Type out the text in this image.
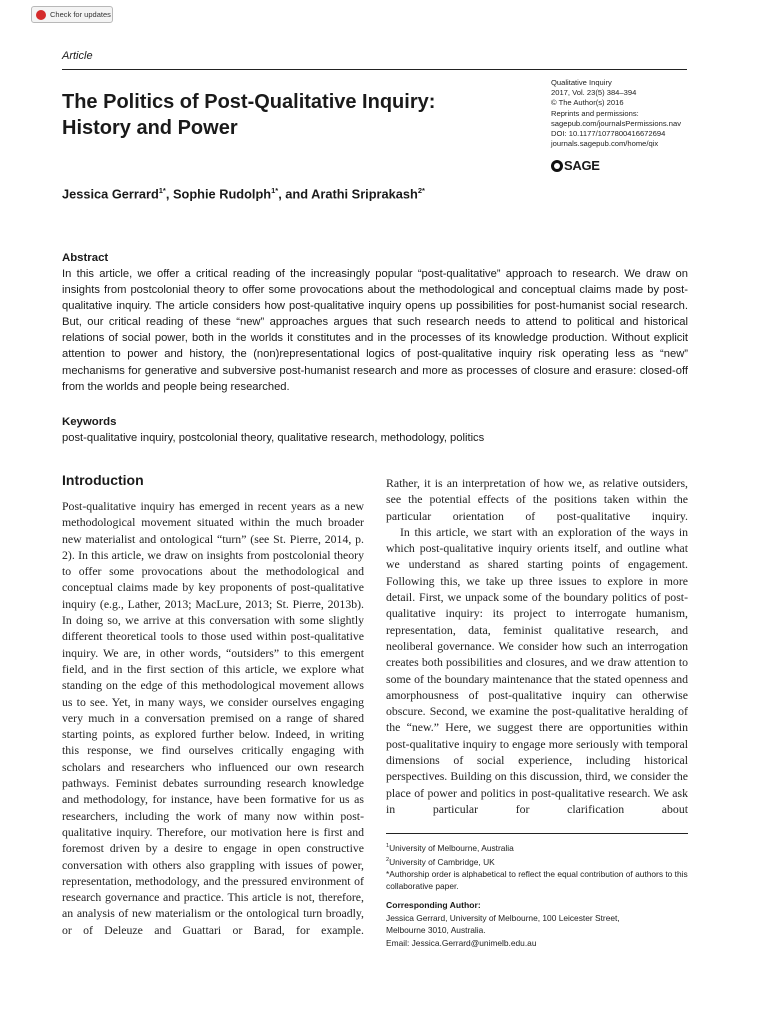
Check for updates
Article
The Politics of Post-Qualitative Inquiry: History and Power
Qualitative Inquiry
2017, Vol. 23(5) 384–394
© The Author(s) 2016
Reprints and permissions:
sagepub.com/journalsPermissions.nav
DOI: 10.1177/1077800416672694
journals.sagepub.com/home/qix
SAGE
Jessica Gerrard$^{1*}$, Sophie Rudolph$^{1*}$, and Arathi Sriprakash$^{2*}$
Abstract
In this article, we offer a critical reading of the increasingly popular “post-qualitative” approach to research. We draw on insights from postcolonial theory to offer some provocations about the methodological and conceptual claims made by post-qualitative inquiry. The article considers how post-qualitative inquiry opens up possibilities for post-humanist social research. But, our critical reading of these “new” approaches argues that such research needs to attend to political and historical relations of social power, both in the worlds it constitutes and in the processes of its knowledge production. Without explicit attention to power and history, the (non)representational logics of post-qualitative inquiry risk operating less as “new” mechanisms for generative and subversive post-humanist research and more as processes of closure and erasure: closed-off from the worlds and people being researched.
Keywords
post-qualitative inquiry, postcolonial theory, qualitative research, methodology, politics
Introduction

Post-qualitative inquiry has emerged in recent years as a new methodological movement situated within the much broader new materialist and ontological “turn” (see St. Pierre, 2014, p. 2). In this article, we draw on insights from postcolonial theory to offer some provocations about the methodological and conceptual claims made by key proponents of post-qualitative inquiry (e.g., Lather, 2013; MacLure, 2013; St. Pierre, 2013b). In doing so, we arrive at this conversation with some slightly different theoretical tools to those used within post-qualitative inquiry. We are, in other words, “outsiders” to this emergent field, and in the first section of this article, we explore what standing on the edge of this methodological movement allows us to see. Yet, in many ways, we consider ourselves engaging very much in a conversation premised on a range of shared starting points, as explored further below. Indeed, in writing this response, we find ourselves critically engaging with scholars and researchers who influenced our own research pathways. Feminist debates surrounding research knowledge and methodology, for instance, have been formative for us as researchers, including the work of many now within post-qualitative inquiry. Therefore, our motivation here is first and foremost driven by a desire to engage in open constructive conversation with others also grappling with issues of power, representation, methodology, and the pressured environment of research governance and practice. This article is not, therefore, an analysis of new materialism or the ontological turn broadly, or of Deleuze and Guattari or Barad, for example.

Rather, it is an interpretation of how we, as relative outsiders, see the potential effects of the positions taken within the particular orientation of post-qualitative inquiry.

In this article, we start with an exploration of the ways in which post-qualitative inquiry orients itself, and outline what we understand as shared starting points of engagement. Following this, we take up three issues to explore in more detail. First, we unpack some of the boundary politics of post-qualitative inquiry: its project to interrogate humanism, representation, data, feminist qualitative research, and neoliberal governance. We consider how such an interrogation creates both possibilities and closures, and we draw attention to some of the boundary maintenance that the stated openness and amorphousness of post-qualitative inquiry can otherwise obscure. Second, we examine the post-qualitative heralding of the “new.” Here, we suggest there are opportunities within post-qualitative inquiry to engage more seriously with temporal dimensions of social experience, including historical perspectives. Building on this discussion, third, we consider the place of power and politics in post-qualitative research. We ask in particular for clarification about

$^1$University of Melbourne, Australia
$^2$University of Cambridge, UK
*Authorship order is alphabetical to reflect the equal contribution of authors to this collaborative paper.
Corresponding Author:
Jessica Gerrard, University of Melbourne, 100 Leicester Street,
Melbourne 3010, Australia.
Email: Jessica.Gerrard@unimelb.edu.au
